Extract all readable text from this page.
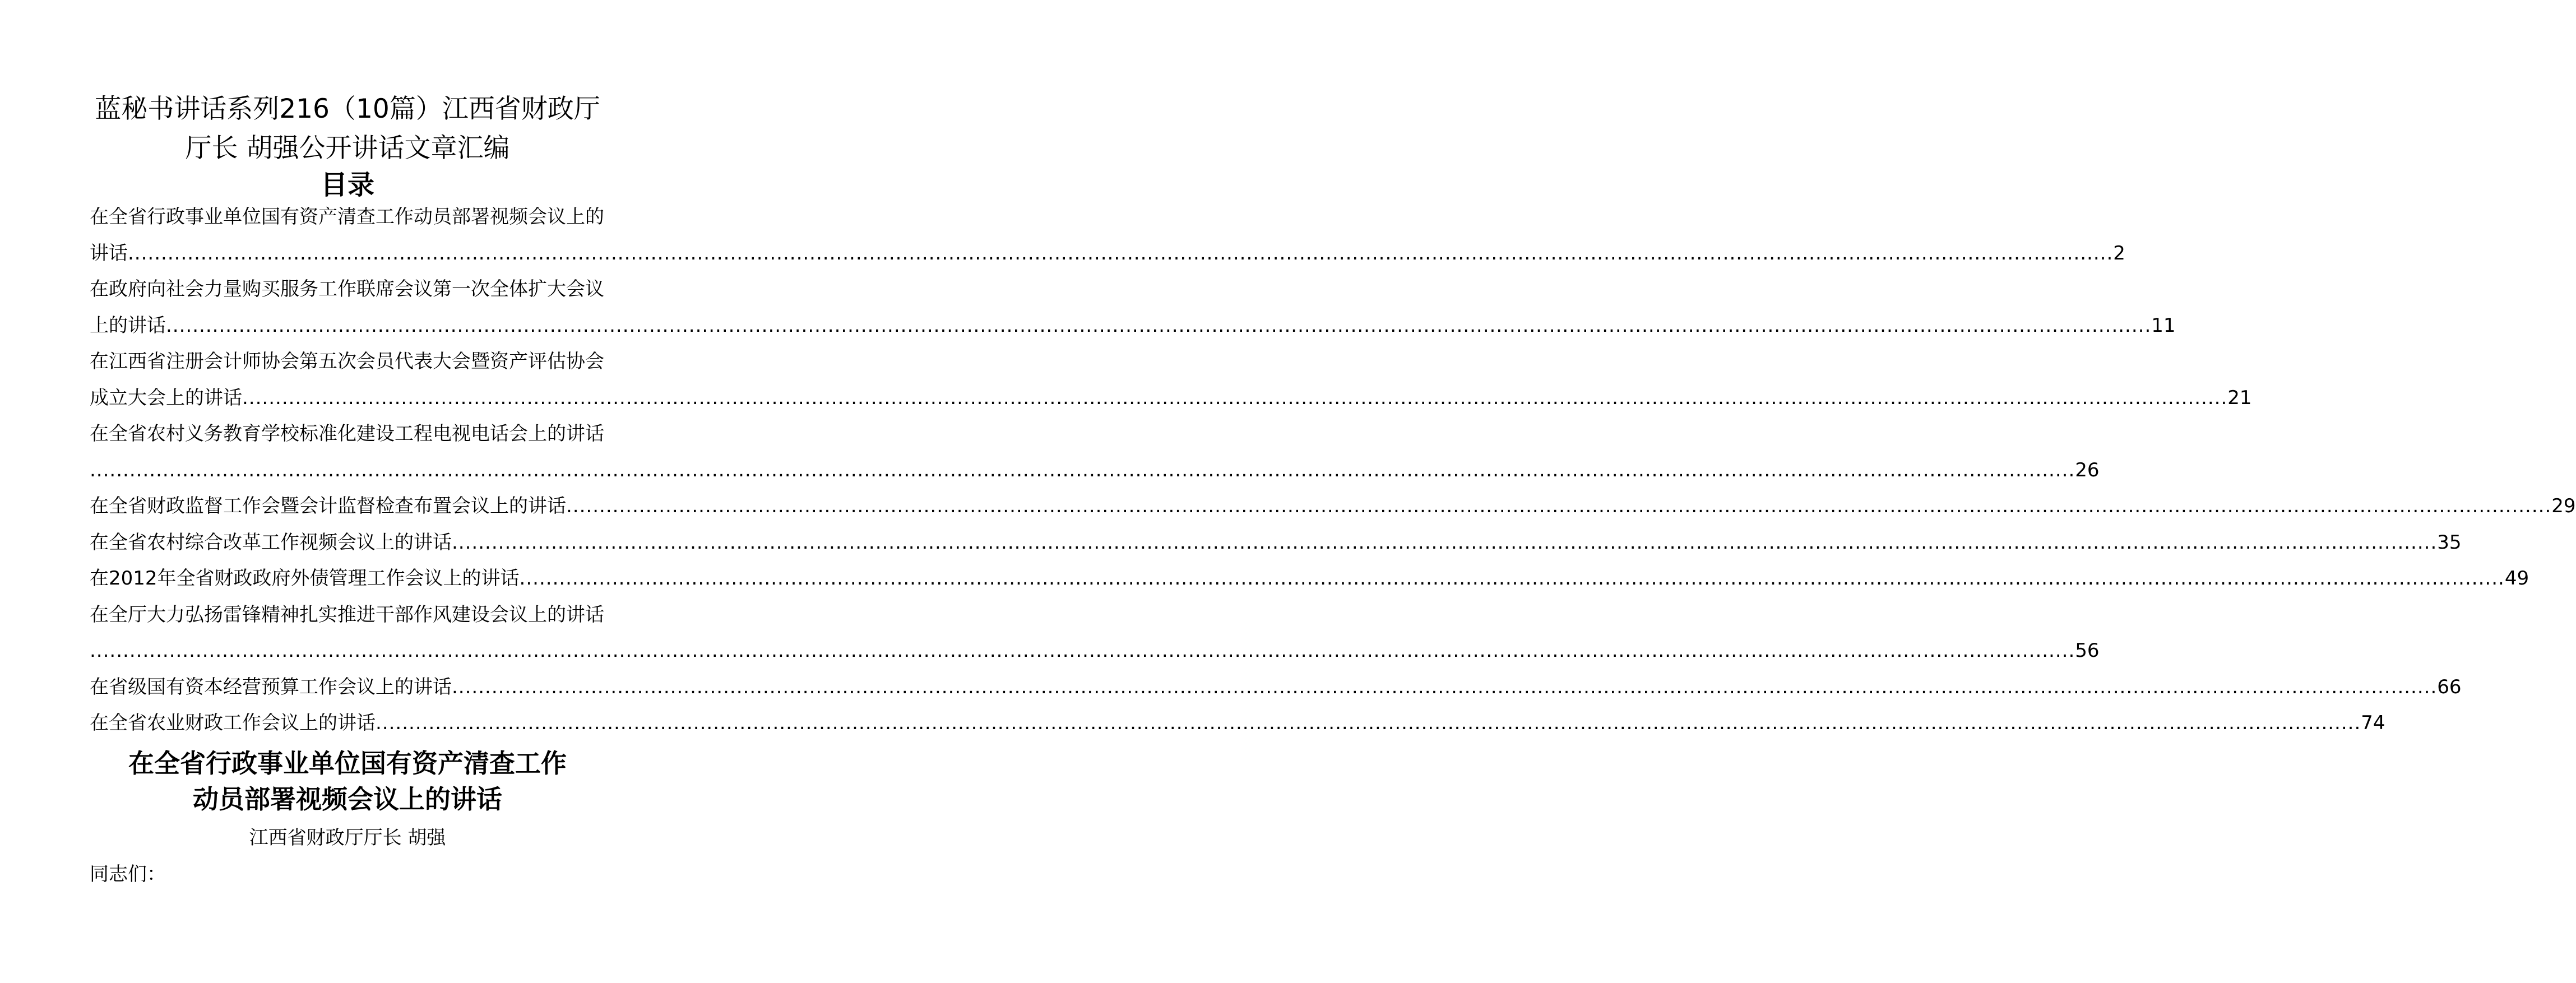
蓝秘书讲话系列216（10篇）江西省财政厅
厅长 胡强公开讲话文章汇编
目录
在全省行政事业单位国有资产清查工作动员部署视频会议上的
讲话 ............................................................................................................................................................................................................................................................................................................ 2
在政府向社会力量购买服务工作联席会议第一次全体扩大会议
上的讲话 ............................................................................................................................................................................................................................................................................................................ 11
在江西省注册会计师协会第五次会员代表大会暨资产评估协会
成立大会上的讲话 ............................................................................................................................................................................................................................................................................................................ 21
在全省农村义务教育学校标准化建设工程电视电话会上的讲话
............................................................................................................................................................................................................................................................................................................ 26
在全省财政监督工作会暨会计监督检查布置会议上的讲话 ............................................................................................................................................................................................................................................................................................................ 29
在全省农村综合改革工作视频会议上的讲话 ............................................................................................................................................................................................................................................................................................................ 35
在2012年全省财政政府外债管理工作会议上的讲话 ............................................................................................................................................................................................................................................................................................................ 49
在全厅大力弘扬雷锋精神扎实推进干部作风建设会议上的讲话
............................................................................................................................................................................................................................................................................................................ 56
在省级国有资本经营预算工作会议上的讲话 ............................................................................................................................................................................................................................................................................................................ 66
在全省农业财政工作会议上的讲话 ............................................................................................................................................................................................................................................................................................................ 74
在全省行政事业单位国有资产清查工作
动员部署视频会议上的讲话
江西省财政厅厅长 胡强
同志们：
